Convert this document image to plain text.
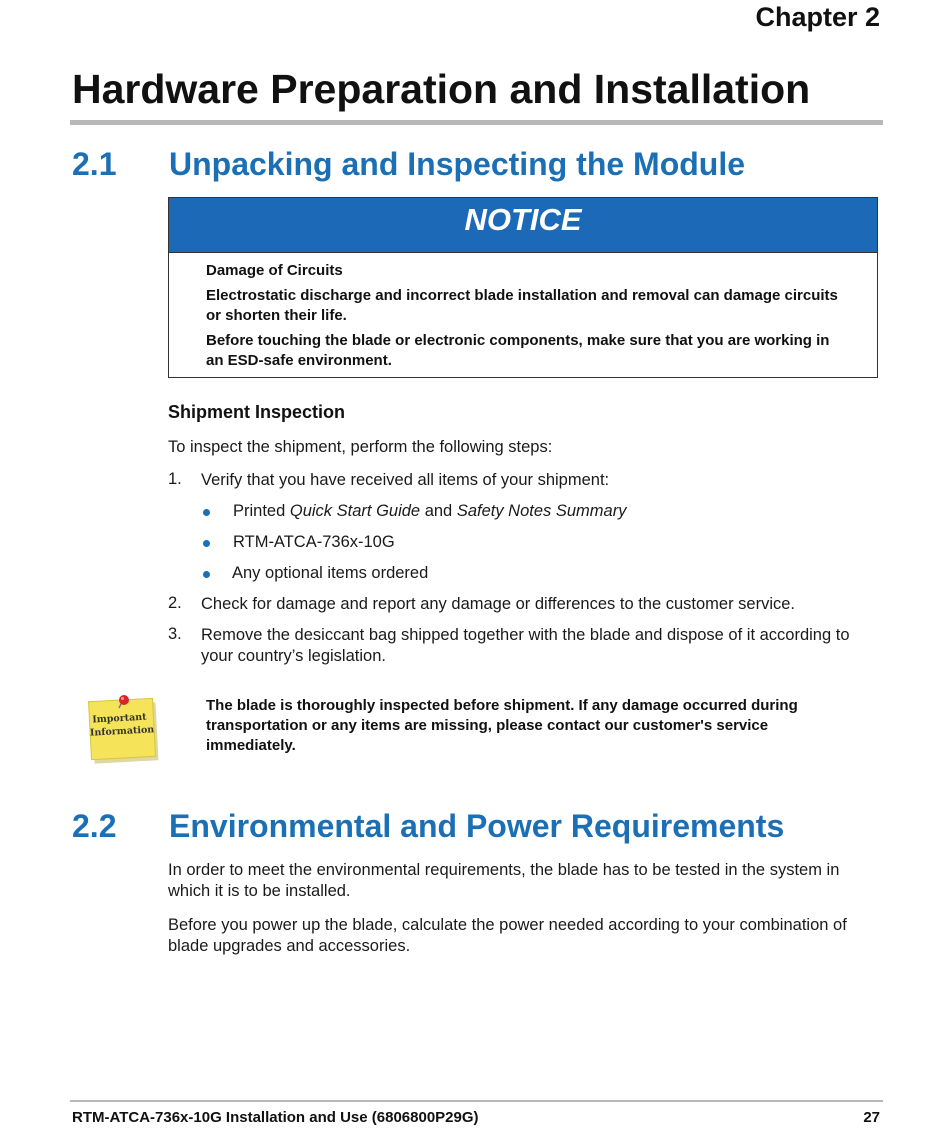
Chapter 2
Hardware Preparation and Installation
2.1 Unpacking and Inspecting the Module
NOTICE

Damage of Circuits

Electrostatic discharge and incorrect blade installation and removal can damage circuits or shorten their life.

Before touching the blade or electronic components, make sure that you are working in an ESD-safe environment.

Shipment Inspection
To inspect the shipment, perform the following steps:
1. Verify that you have received all items of your shipment:
Printed Quick Start Guide and Safety Notes Summary
RTM-ATCA-736x-10G
Any optional items ordered
2. Check for damage and report any damage or differences to the customer service.
3. Remove the desiccant bag shipped together with the blade and dispose of it according to your country’s legislation.
Important
Information
The blade is thoroughly inspected before shipment. If any damage occurred during transportation or any items are missing, please contact our customer's service immediately.
2.2 Environmental and Power Requirements
In order to meet the environmental requirements, the blade has to be tested in the system in which it is to be installed.
Before you power up the blade, calculate the power needed according to your combination of blade upgrades and accessories.
RTM-ATCA-736x-10G Installation and Use (6806800P29G)	27
